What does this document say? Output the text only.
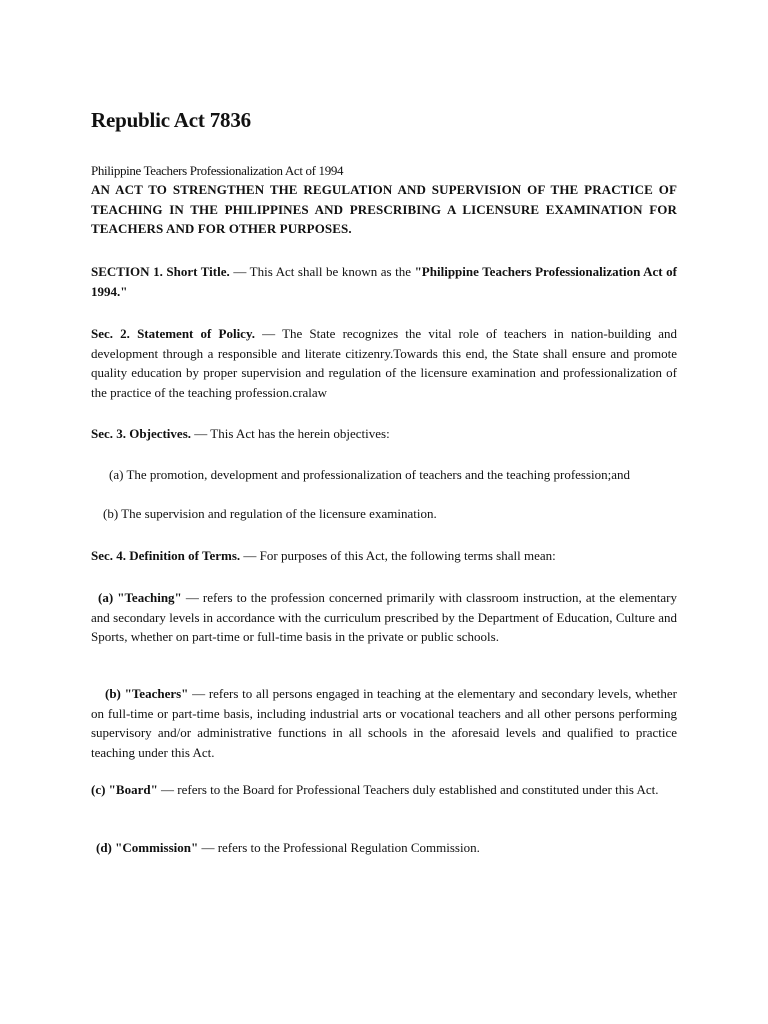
Republic Act 7836

Philippine Teachers Professionalization Act of 1994

AN ACT TO STRENGTHEN THE REGULATION AND SUPERVISION OF THE PRACTICE OF TEACHING IN THE PHILIPPINES AND PRESCRIBING A LICENSURE EXAMINATION FOR TEACHERS AND FOR OTHER PURPOSES.

SECTION 1. Short Title. — This Act shall be known as the "Philippine Teachers Professionalization Act of 1994."

Sec. 2. Statement of Policy. — The State recognizes the vital role of teachers in nation-building and development through a responsible and literate citizenry.Towards this end, the State shall ensure and promote quality education by proper supervision and regulation of the licensure examination and professionalization of the practice of the teaching profession.cralaw

Sec. 3. Objectives. — This Act has the herein objectives:

(a) The promotion, development and professionalization of teachers and the teaching profession;and

(b) The supervision and regulation of the licensure examination.

Sec. 4. Definition of Terms. — For purposes of this Act, the following terms shall mean:

(a) "Teaching" — refers to the profession concerned primarily with classroom instruction, at the elementary and secondary levels in accordance with the curriculum prescribed by the Department of Education, Culture and Sports, whether on part-time or full-time basis in the private or public schools.

(b) "Teachers" — refers to all persons engaged in teaching at the elementary and secondary levels, whether on full-time or part-time basis, including industrial arts or vocational teachers and all other persons performing supervisory and/or administrative functions in all schools in the aforesaid levels and qualified to practice teaching under this Act.

(c) "Board" — refers to the Board for Professional Teachers duly established and constituted under this Act.

(d) "Commission" — refers to the Professional Regulation Commission.
